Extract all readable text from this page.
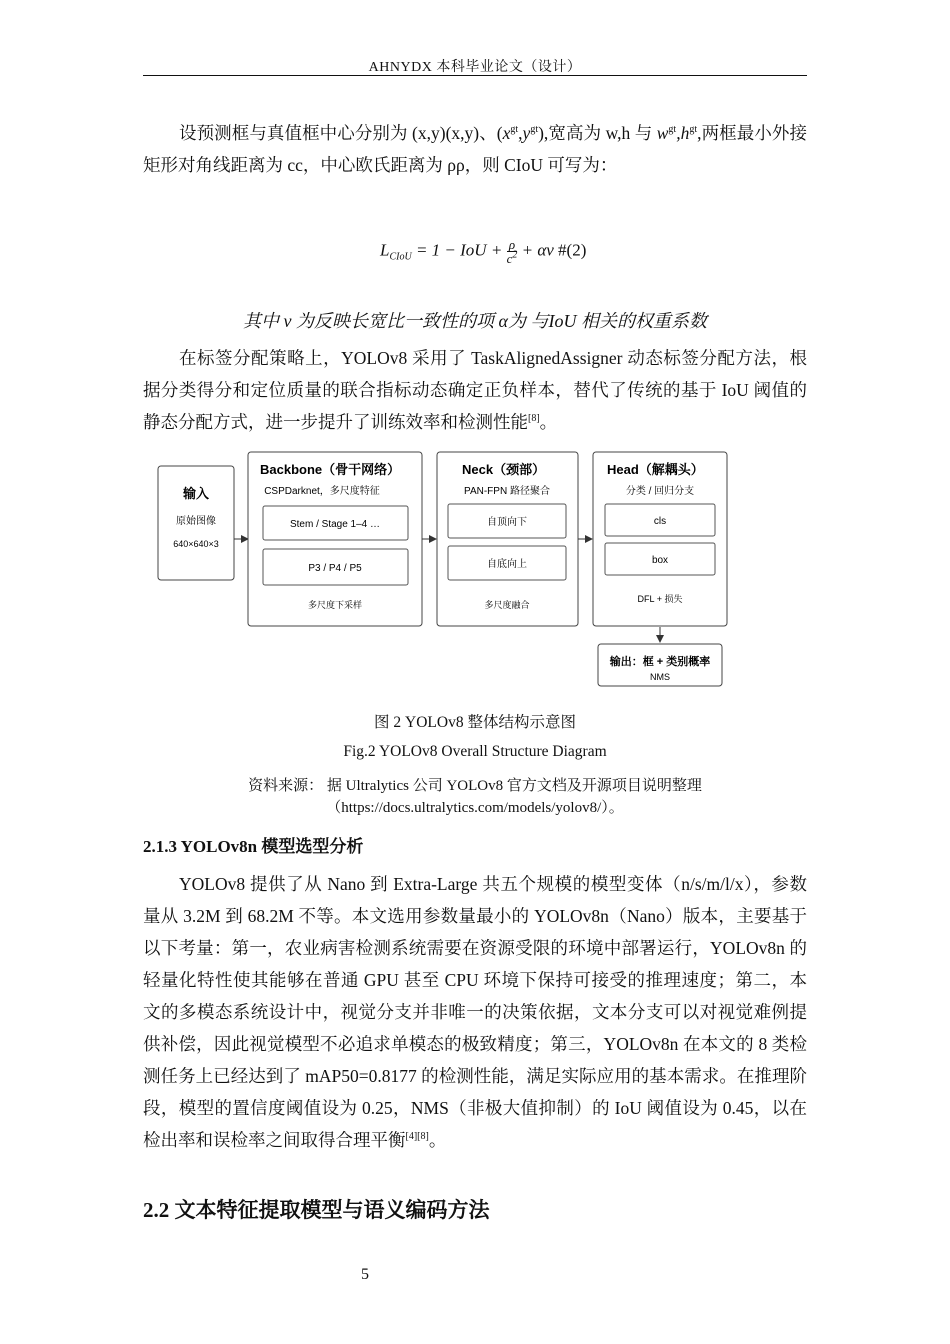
AHNYDX 本科毕业论文（设计）

设预测框与真值框中心分别为 (x,y)(x,y)、$(x^{gt},y^{gt})$,宽高为 w,h 与 $w^{gt},h^{gt}$,两框最小外接矩形对角线距离为 cc，中心欧氏距离为 ρρ，则 CIoU 可写为：

$L_{CIoU} = 1$ − IoU + $\frac{\rho}{c^2} + \alpha v$ #(2)
其中 v 为反映长宽比一致性的项 α为 与IoU 相关的权重系数

在标签分配策略上，YOLOv8 采用了 TaskAlignedAssigner 动态标签分配方法，根据分类得分和定位质量的联合指标动态确定正负样本，替代了传统的基于 IoU 阈值的静态分配方式，进一步提升了训练效率和检测性能[8]。

输入
原始图像
640×640×3
Backbone（骨干网络）
CSPDarknet，多尺度特征
Stem / Stage 1–4 …
P3 / P4 / P5
多尺度下采样
Neck（颈部）
PAN-FPN 路径聚合
自顶向下
自底向上
多尺度融合
Head（解耦头）
分类 / 回归分支
cls
box
DFL + 损失
输出：框 + 类别概率
NMS
图 2 YOLOv8 整体结构示意图
Fig.2 YOLOv8 Overall Structure Diagram
资料来源： 据 Ultralytics 公司 YOLOv8 官方文档及开源项目说明整理
（https://docs.ultralytics.com/models/yolov8/）。
2.1.3 YOLOv8n 模型选型分析

YOLOv8 提供了从 Nano 到 Extra-Large 共五个规模的模型变体（n/s/m/l/x），参数量从 3.2M 到 68.2M 不等。本文选用参数量最小的 YOLOv8n（Nano）版本，主要基于以下考量：第一，农业病害检测系统需要在资源受限的环境中部署运行，YOLOv8n 的轻量化特性使其能够在普通 GPU 甚至 CPU 环境下保持可接受的推理速度；第二，本文的多模态系统设计中，视觉分支并非唯一的决策依据，文本分支可以对视觉难例提供补偿，因此视觉模型不必追求单模态的极致精度；第三，YOLOv8n 在本文的 8 类检测任务上已经达到了 mAP50=0.8177 的检测性能，满足实际应用的基本需求。在推理阶段，模型的置信度阈值设为 0.25，NMS（非极大值抑制）的 IoU 阈值设为 0.45，以在检出率和误检率之间取得合理平衡[4][8]。

2.2 文本特征提取模型与语义编码方法
5
